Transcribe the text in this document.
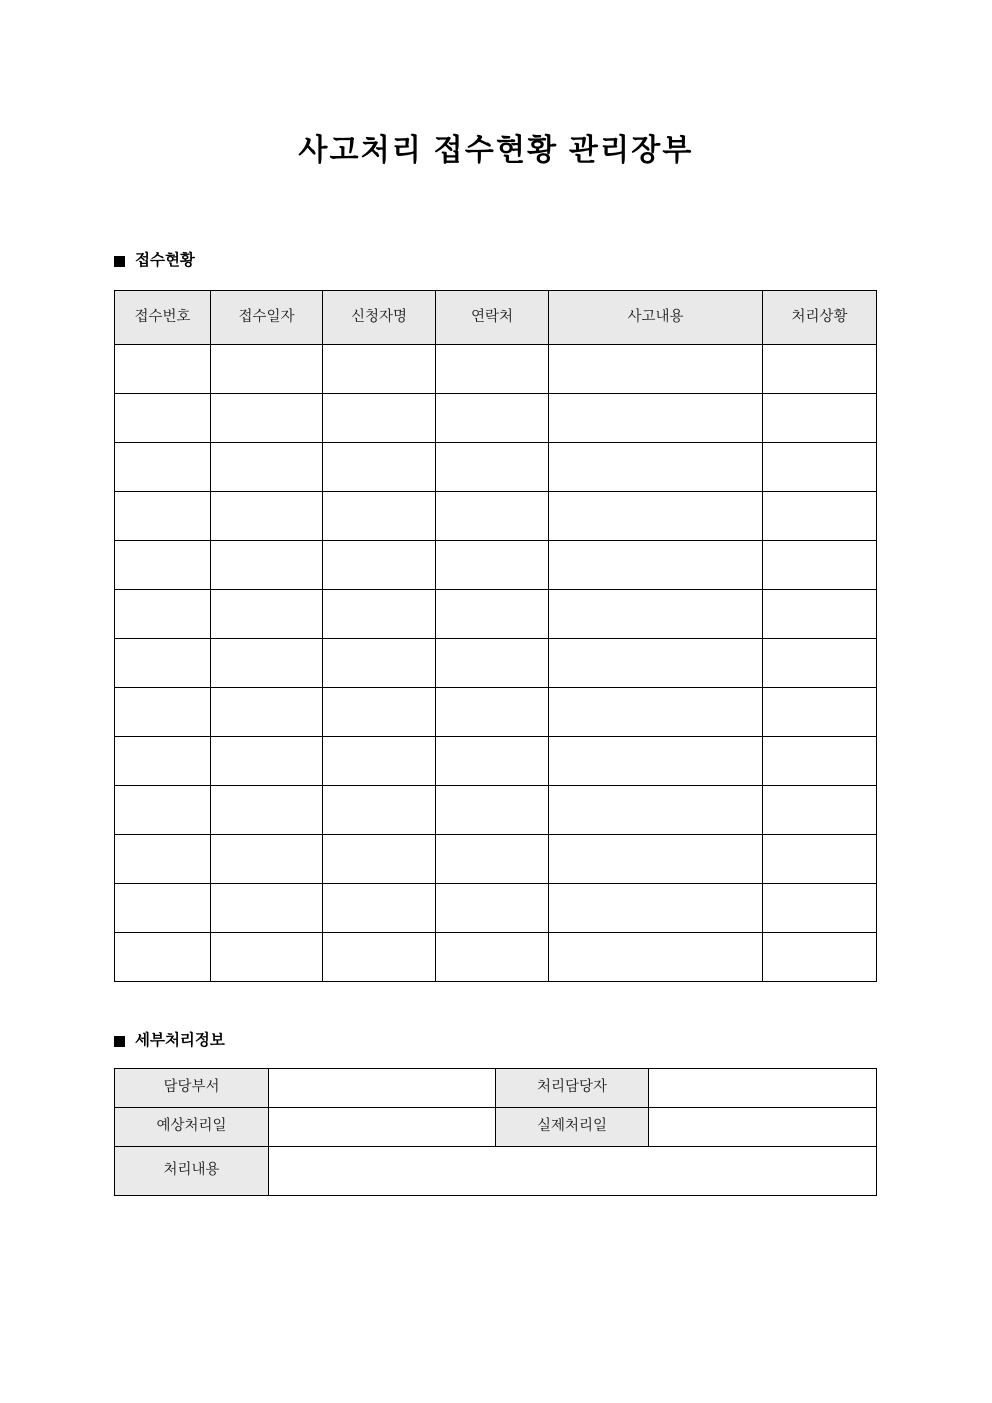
사고처리 접수현황 관리장부
접수현황
접수번호	접수일자	신청자명	연락처	사고내용	처리상황

세부처리정보
담당부서		처리담당자	
예상처리일		실제처리일	
처리내용			
